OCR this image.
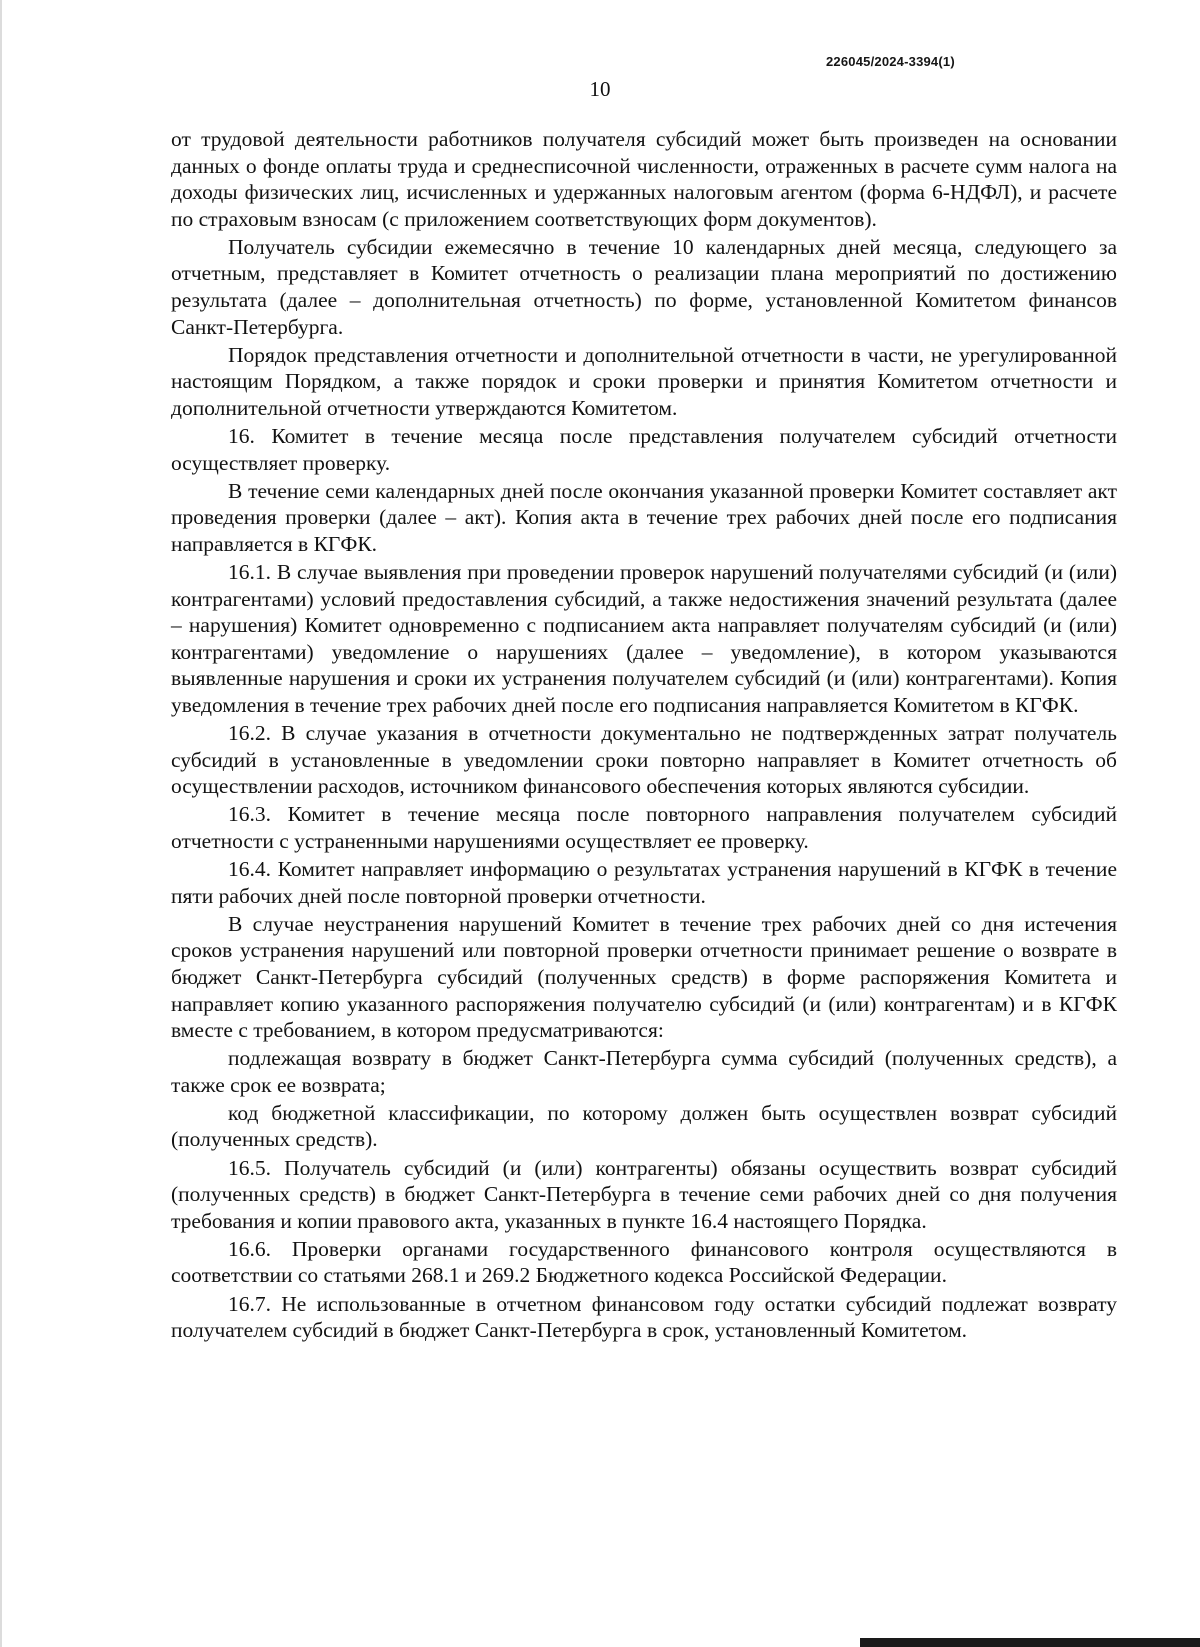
226045/2024-3394(1)
10

от трудовой деятельности работников получателя субсидий может быть произведен на основании данных о фонде оплаты труда и среднесписочной численности, отраженных в расчете сумм налога на доходы физических лиц, исчисленных и удержанных налоговым агентом (форма 6-НДФЛ), и расчете по страховым взносам (с приложением соответствующих форм документов).

Получатель субсидии ежемесячно в течение 10 календарных дней месяца, следующего за отчетным, представляет в Комитет отчетность о реализации плана мероприятий по достижению результата (далее – дополнительная отчетность) по форме, установленной Комитетом финансов Санкт-Петербурга.

Порядок представления отчетности и дополнительной отчетности в части, не урегулированной настоящим Порядком, а также порядок и сроки проверки и принятия Комитетом отчетности и дополнительной отчетности утверждаются Комитетом.

16. Комитет в течение месяца после представления получателем субсидий отчетности осуществляет проверку.

В течение семи календарных дней после окончания указанной проверки Комитет составляет акт проведения проверки (далее – акт). Копия акта в течение трех рабочих дней после его подписания направляется в КГФК.

16.1. В случае выявления при проведении проверок нарушений получателями субсидий (и (или) контрагентами) условий предоставления субсидий, а также недостижения значений результата (далее – нарушения) Комитет одновременно с подписанием акта направляет получателям субсидий (и (или) контрагентами) уведомление о нарушениях (далее – уведомление), в котором указываются выявленные нарушения и сроки их устранения получателем субсидий (и (или) контрагентами). Копия уведомления в течение трех рабочих дней после его подписания направляется Комитетом в КГФК.

16.2. В случае указания в отчетности документально не подтвержденных затрат получатель субсидий в установленные в уведомлении сроки повторно направляет в Комитет отчетность об осуществлении расходов, источником финансового обеспечения которых являются субсидии.

16.3. Комитет в течение месяца после повторного направления получателем субсидий отчетности с устраненными нарушениями осуществляет ее проверку.

16.4. Комитет направляет информацию о результатах устранения нарушений в КГФК в течение пяти рабочих дней после повторной проверки отчетности.

В случае неустранения нарушений Комитет в течение трех рабочих дней со дня истечения сроков устранения нарушений или повторной проверки отчетности принимает решение о возврате в бюджет Санкт-Петербурга субсидий (полученных средств) в форме распоряжения Комитета и направляет копию указанного распоряжения получателю субсидий (и (или) контрагентам) и в КГФК вместе с требованием, в котором предусматриваются:

подлежащая возврату в бюджет Санкт-Петербурга сумма субсидий (полученных средств), а также срок ее возврата;

код бюджетной классификации, по которому должен быть осуществлен возврат субсидий (полученных средств).

16.5. Получатель субсидий (и (или) контрагенты) обязаны осуществить возврат субсидий (полученных средств) в бюджет Санкт-Петербурга в течение семи рабочих дней со дня получения требования и копии правового акта, указанных в пункте 16.4 настоящего Порядка.

16.6. Проверки органами государственного финансового контроля осуществляются в соответствии со статьями 268.1 и 269.2 Бюджетного кодекса Российской Федерации.

16.7. Не использованные в отчетном финансовом году остатки субсидий подлежат возврату получателем субсидий в бюджет Санкт-Петербурга в срок, установленный Комитетом.
